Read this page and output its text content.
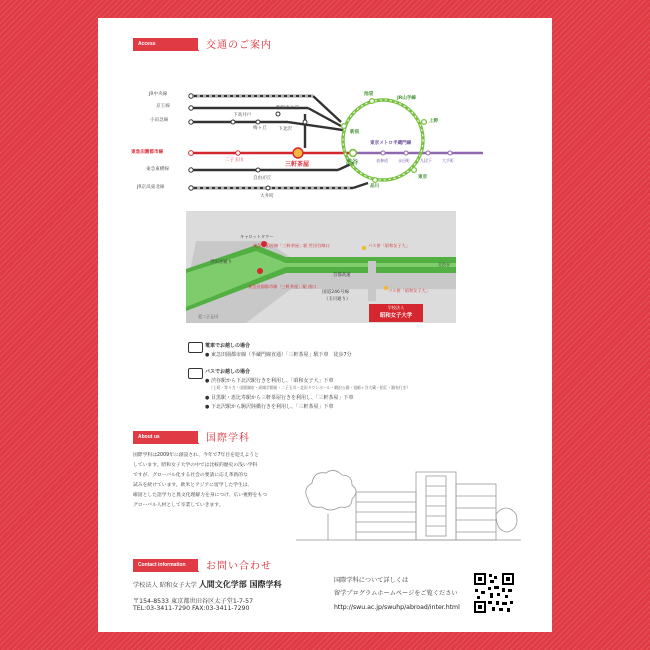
Access	交通のご案内
JR中央線
京王線
小田急線
東急田園都市線
東急東横線
JR京浜東北線
下高井戸
駒場東大前
梅ヶ丘 下北沢
二子玉川
三軒茶屋
自由が丘
大井町
池袋
JR山手線
新宿
上野
渋谷
東京メトロ半蔵門線
表参道	永田町	九段下	大手町
東京
品川
キャロットタワー
東急世田谷線「三軒茶屋」駅 世田谷線口	バス停「昭和女子大」
世田谷通り
首都高速
至渋谷
東急田園都市線「三軒茶屋」駅 南口
国道246号線
（玉川通り）
バス停「昭和女子大」
至二子玉川
学校法人
昭和女子大学
電車でお越しの場合
● 東急田園都市線（半蔵門線直通）「三軒茶屋」駅下車　徒歩7分
バスでお越しの場合
● 渋谷駅から下北沢駅行きを利用し、「昭和女子大」下車
（上町・等々力・田園調布・成城学園前・二子玉川・北沢タウンホール・駒沢公園・祖師ヶ谷大蔵・狛江・調布行き）
● 目黒駅・恵比寿駅から三軒茶屋行きを利用し、「三軒茶屋」下車
● 下北沢駅から駒沢陸橋行きを利用し、「三軒茶屋」下車
About us	国際学科
国際学科は2009年に創設され、今年で7年目を迎えようと
しています。昭和女子大学の中では比較的歴史の浅い学科
ですが、グローバル化する社会の要請に応え革新的な
試みを続けています。欧米とアジアに留学した学生は、
確固とした語学力と異文化理解力を身につけ、広い視野をもつ
グローバル人材として卒業していきます。
Contact information	お問い合わせ
学校法人 昭和女子大学 人間文化学部 国際学科
〒154-8533 東京都世田谷区太子堂1-7-57
TEL:03-3411-7290 FAX:03-3411-7290
国際学科について詳しくは
留学プログラムホームページをご覧ください
http://swu.ac.jp/swuhp/abroad/inter.html
